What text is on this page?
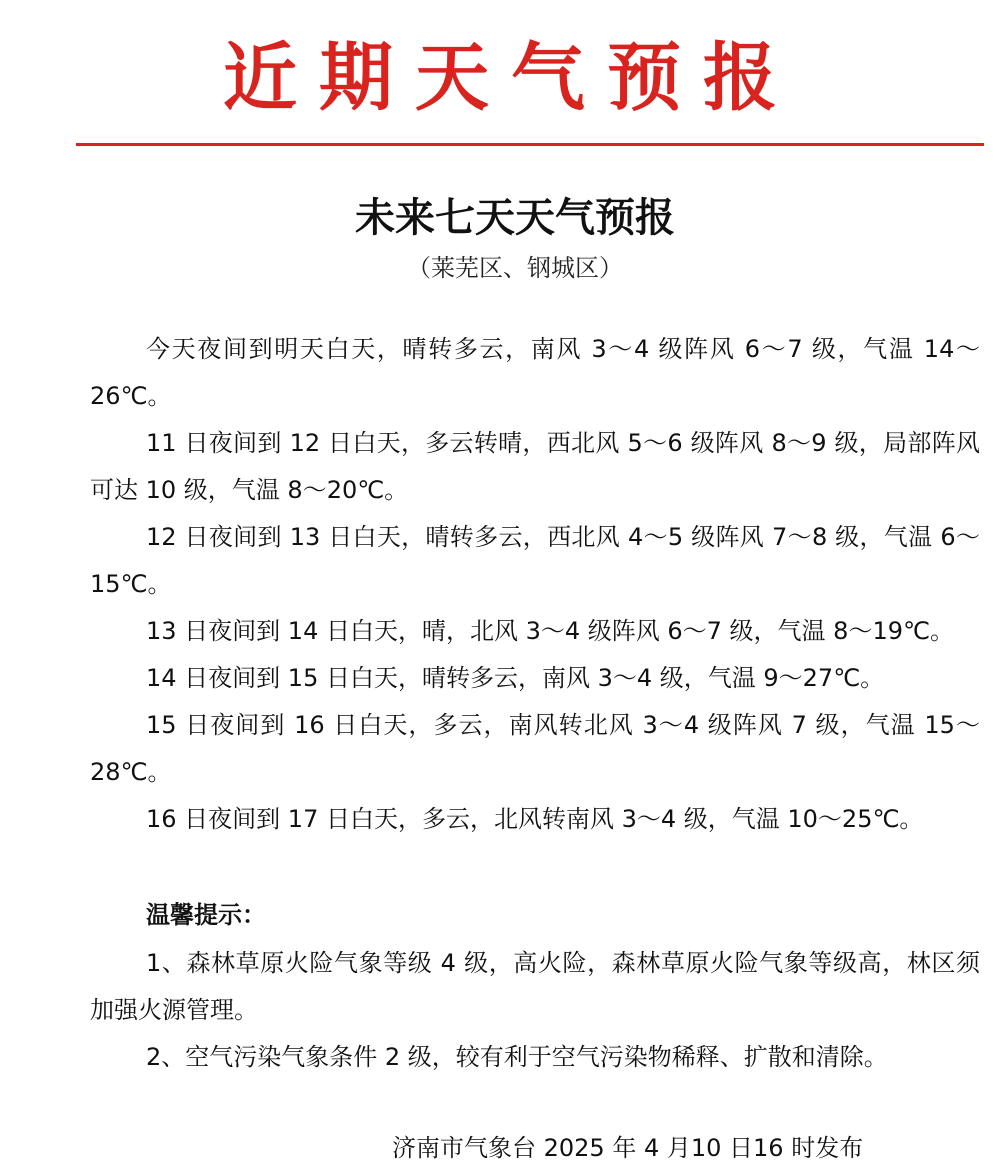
近期天气预报
未来七天天气预报
（莱芜区、钢城区）

今天夜间到明天白天，晴转多云，南风 3～4 级阵风 6～7 级，气温 14～26℃。

11 日夜间到 12 日白天，多云转晴，西北风 5～6 级阵风 8～9 级，局部阵风可达 10 级，气温 8～20℃。

12 日夜间到 13 日白天，晴转多云，西北风 4～5 级阵风 7～8 级，气温 6～15℃。

13 日夜间到 14 日白天，晴，北风 3～4 级阵风 6～7 级，气温 8～19℃。

14 日夜间到 15 日白天，晴转多云，南风 3～4 级，气温 9～27℃。

15 日夜间到 16 日白天，多云，南风转北风 3～4 级阵风 7 级，气温 15～28℃。

16 日夜间到 17 日白天，多云，北风转南风 3～4 级，气温 10～25℃。

温馨提示：

1、森林草原火险气象等级 4 级，高火险，森林草原火险气象等级高，林区须加强火源管理。

2、空气污染气象条件 2 级，较有利于空气污染物稀释、扩散和清除。

济南市气象台 2025 年 4 月10 日16 时发布
